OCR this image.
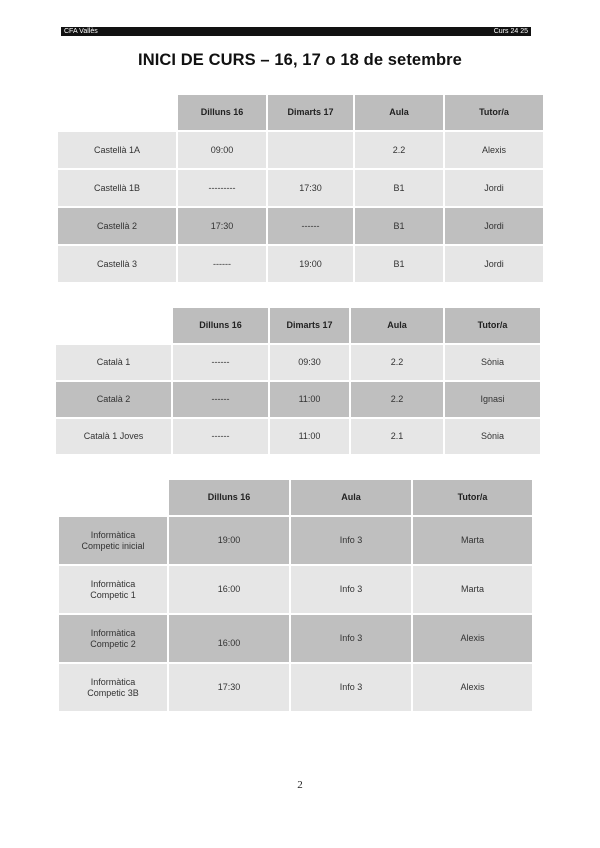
CFA Vallès	Curs 24 25
INICI DE CURS – 16, 17 o 18 de setembre
	Dilluns 16	Dimarts 17	Aula	Tutor/a
Castellà 1A	09:00		2.2	Alexis
Castellà 1B	---------	17:30	B1	Jordi
Castellà 2	17:30	------	B1	Jordi
Castellà 3	------	19:00	B1	Jordi
	Dilluns 16	Dimarts 17	Aula	Tutor/a
Català 1	------	09:30	2.2	Sònia
Català 2	------	11:00	2.2	Ignasi
Català 1 Joves	------	11:00	2.1	Sònia
	Dilluns 16	Aula	Tutor/a
Informàtica
Competic inicial	19:00	Info 3	Marta
Informàtica
Competic 1	16:00	Info 3	Marta
Informàtica
Competic 2	16:00	Info 3	Alexis
Informàtica
Competic 3B	17:30	Info 3	Alexis
2
